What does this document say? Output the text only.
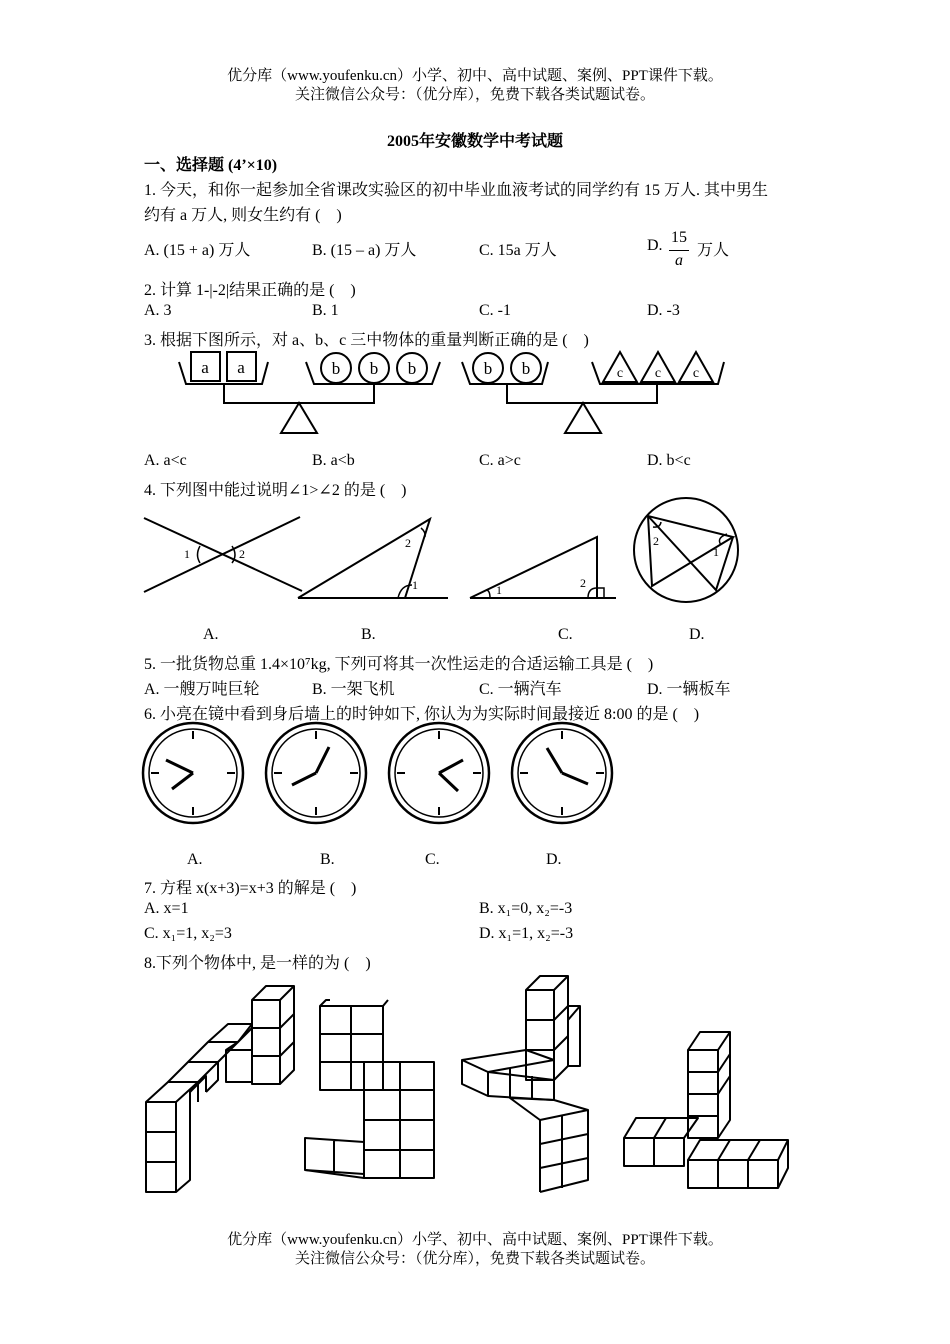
优分库（www.youfenku.cn）小学、初中、高中试题、案例、PPT课件下载。
关注微信公众号：（优分库），免费下载各类试题试卷。
2005年安徽数学中考试题
一、选择题 (4’×10)
1. 今天，和你一起参加全省课改实验区的初中毕业血液考试的同学约有 15 万人. 其中男生
约有 a 万人, 则女生约有 (　)
A. (15 + a) 万人	B. (15 – a) 万人	C. 15a 万人	D. 15
a
万人
2. 计算 1-|-2|结果正确的是 (　)
A. 3	B. 1	C. -1	D. -3
3. 根据下图所示，对 a、b、c 三中物体的重量判断正确的是 (　)
a a	b b b	b b	c c c
A. a<c	B. a<b	C. a>c	D. b<c
4. 下列图中能过说明∠1>∠2 的是 (　)
1	2
1
2
1	2
1
2
A.	B.	C.	D.
5. 一批货物总重 1.4×10⁷kg, 下列可将其一次性运走的合适运输工具是 (　)
A. 一艘万吨巨轮	B. 一架飞机	C. 一辆汽车	D. 一辆板车
6. 小亮在镜中看到身后墙上的时钟如下, 你认为为实际时间最接近 8:00 的是 (　)
A.	B.	C.	D.
7. 方程 x(x+3)=x+3 的解是 (　)
A. x=1	B. x₁=0, x₂=-3
C. x₁=1, x₂=3	D. x₁=1, x₂=-3
8.下列个物体中, 是一样的为 (　)
优分库（www.youfenku.cn）小学、初中、高中试题、案例、PPT课件下载。
关注微信公众号：（优分库），免费下载各类试题试卷。
